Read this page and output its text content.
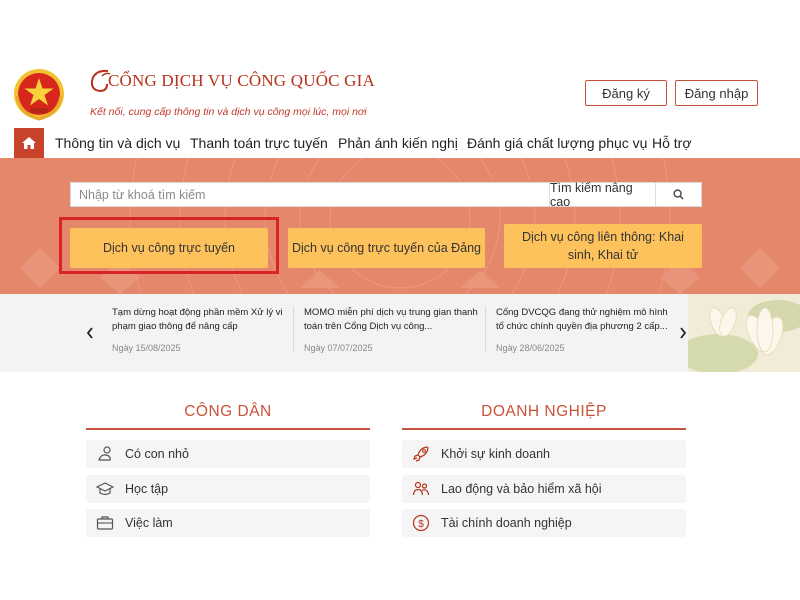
CỔNG DỊCH VỤ CÔNG QUỐC GIA
Kết nối, cung cấp thông tin và dịch vụ công mọi lúc, mọi nơi
Đăng ký	Đăng nhập
Thông tin và dịch vụ Thanh toán trực tuyến Phản ánh kiến nghị Đánh giá chất lượng phục vụ Hỗ trợ
Nhập từ khoá tìm kiếm
Tìm kiếm nâng cao
Dịch vụ công trực tuyến	Dịch vụ công trực tuyến của Đảng
Dịch vụ công liên thông: Khai sinh, Khai tử
Tạm dừng hoạt động phần mềm Xử lý vi phạm giao thông để nâng cấp
Ngày 15/08/2025
MOMO miễn phí dịch vụ trung gian thanh toán trên Cổng Dịch vụ công...
Ngày 07/07/2025
Cổng DVCQG đang thử nghiệm mô hình tổ chức chính quyền địa phương 2 cấp...
Ngày 28/06/2025
CÔNG DÂN
Có con nhỏ
Học tập
Việc làm
DOANH NGHIỆP
Khởi sự kinh doanh
Lao động và bảo hiểm xã hội
$ Tài chính doanh nghiệp
